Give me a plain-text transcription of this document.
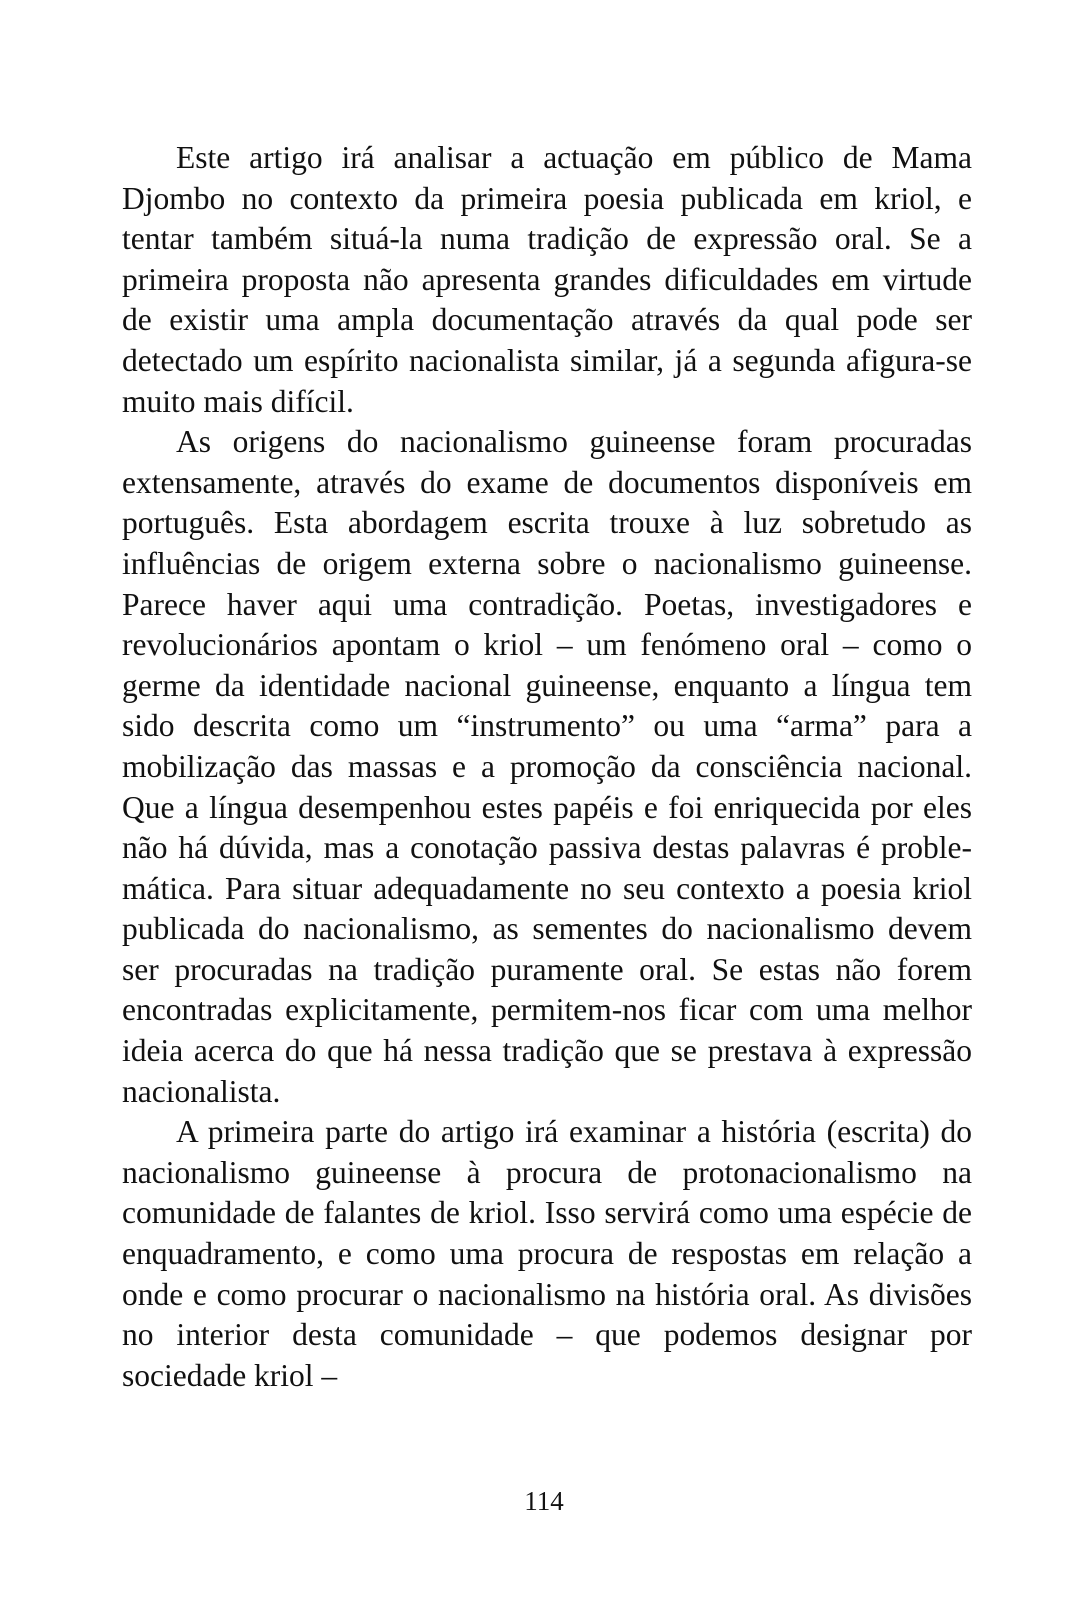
Este artigo irá analisar a actuação em público de Mama Djombo no contexto da primeira poesia publicada em kriol, e tentar também situá-la numa tradição de expressão oral. Se a primeira proposta não apresenta grandes dificuldades em virtude de existir uma ampla documentação através da qual pode ser detectado um espírito nacionalista similar, já a segunda afigura-se muito mais difícil.

As origens do nacionalismo guineense foram procuradas extensamente, através do exame de documentos disponíveis em português. Esta abordagem escrita trouxe à luz sobretudo as influências de origem externa sobre o nacionalismo guineense. Parece haver aqui uma contradição. Poetas, investigadores e revolucionários apontam o kriol – um fenómeno oral – como o germe da identidade nacional guineense, enquanto a língua tem sido descrita como um “instrumento” ou uma “arma” para a mobilização das massas e a promoção da consciência nacional. Que a língua desempenhou estes papéis e foi enriquecida por eles não há dúvida, mas a conotação passiva destas palavras é problemática. Para situar adequadamente no seu contexto a poesia kriol publicada do nacionalismo, as sementes do nacionalismo devem ser procuradas na tradição puramente oral. Se estas não forem encontradas explicitamente, permitem-nos ficar com uma melhor ideia acerca do que há nessa tradição que se prestava à expressão nacionalista.

A primeira parte do artigo irá examinar a história (escrita) do nacionalismo guineense à procura de protonacionalismo na comunidade de falantes de kriol. Isso servirá como uma espécie de enquadramento, e como uma procura de respostas em relação a onde e como procurar o nacionalismo na história oral. As divisões no interior desta comunidade – que podemos designar por sociedade kriol –

114
